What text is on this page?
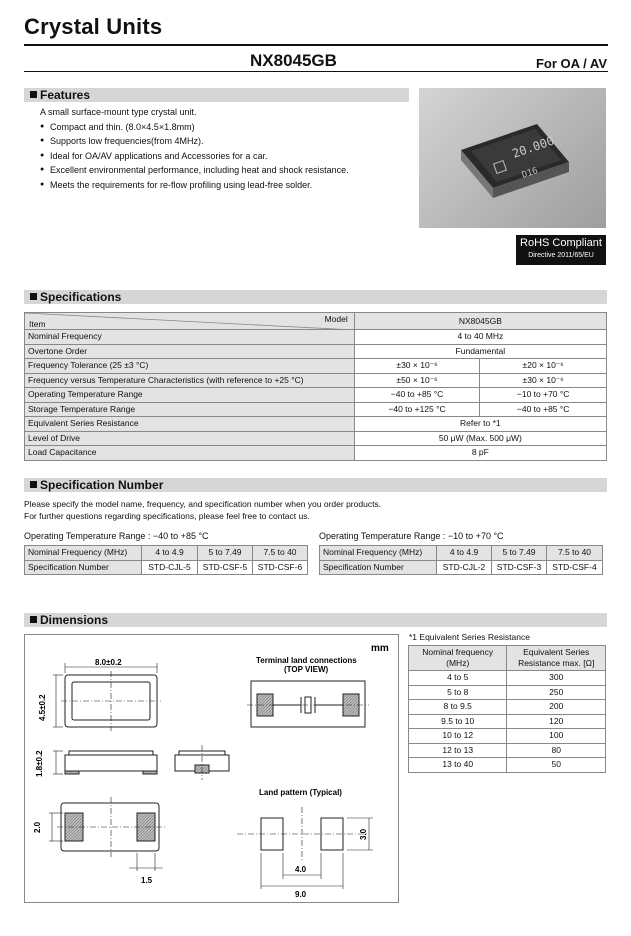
Crystal Units
NX8045GB	For OA / AV
Features
A small surface-mount type crystal unit.
● Compact and thin. (8.0×4.5×1.8mm)
● Supports low frequencies(from 4MHz).
● Ideal for OA/AV applications and Accessories for a car.
● Excellent environmental performance, including heat and shock resistance.
● Meets the requirements for re-flow profiling using lead-free solder.
20.000
D16
RoHS Compliant
Directive 2011/65/EU
Specifications
Item Model	NX8045GB	
Nominal Frequency	4 to 40 MHz	
Overtone Order	Fundamental	
Frequency Tolerance (25 ±3 °C)	±30 × 10⁻⁶	±20 × 10⁻⁶
Frequency versus Temperature Characteristics (with reference to +25 °C)	±50 × 10⁻⁶	±30 × 10⁻⁶
Operating Temperature Range	−40 to +85 °C	−10 to +70 °C
Storage Temperature Range	−40 to +125 °C	−40 to +85 °C
Equivalent Series Resistance	Refer to *1	
Level of Drive	50 μW (Max. 500 μW)	
Load Capacitance	8 pF	
Specification Number
Please specify the model name, frequency, and specification number when you order products.
For further questions regarding specifications, please feel free to contact us.
Operating Temperature Range : −40 to +85 °C
Nominal Frequency (MHz)	4 to 4.9	5 to 7.49	7.5 to 40
Specification Number	STD-CJL-5	STD-CSF-5	STD-CSF-6
Operating Temperature Range : −10 to +70 °C
Nominal Frequency (MHz)	4 to 4.9	5 to 7.49	7.5 to 40
Specification Number	STD-CJL-2	STD-CSF-3	STD-CSF-4
Dimensions
mm
8.0±0.2
4.5±0.2
1.8±0.2
2.0
1.5
Terminal land connections
(TOP VIEW)
Land pattern (Typical)
4.0
9.0
3.0
*1 Equivalent Series Resistance
Nominal frequency
(MHz)	Equivalent Series
Resistance max. [Ω]
4 to 5	300
5 to 8	250
8 to 9.5	200
9.5 to 10	120
10 to 12	100
12 to 13	80
13 to 40	50
